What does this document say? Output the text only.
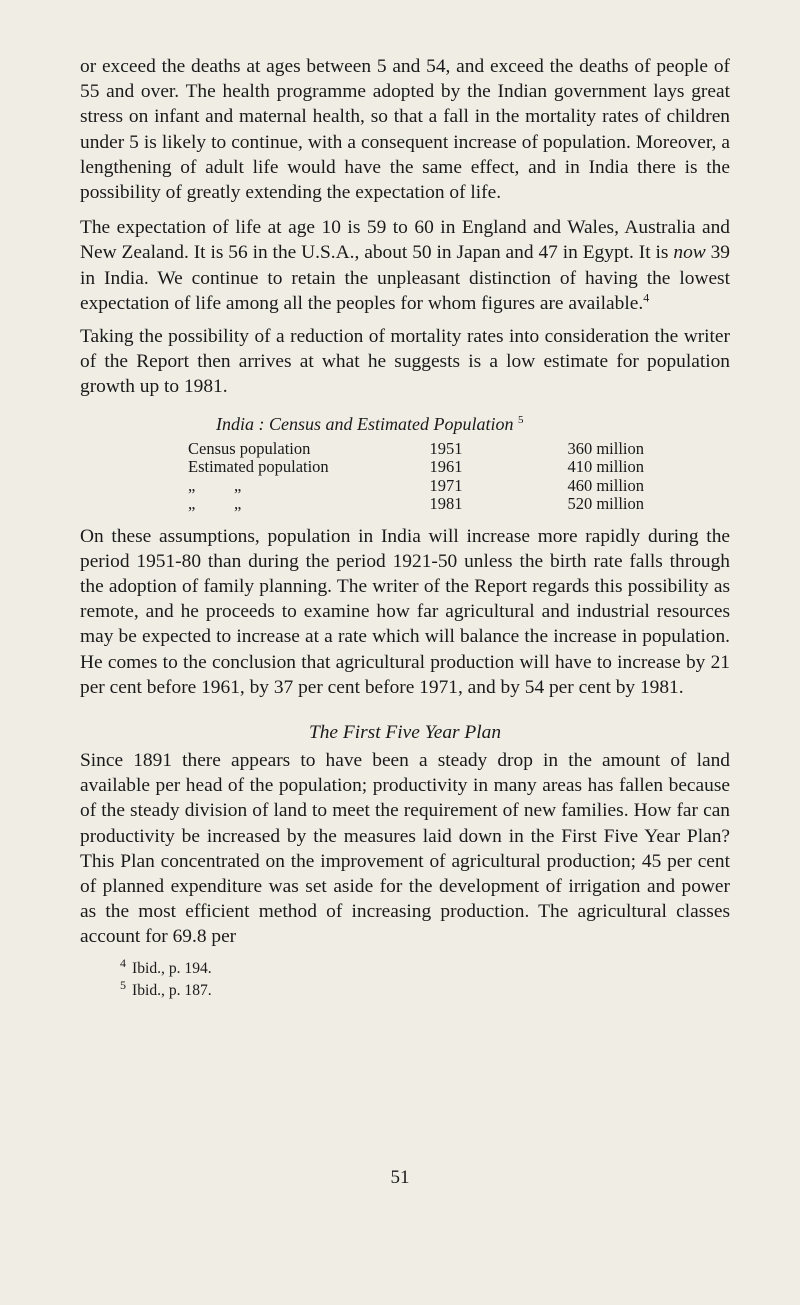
or exceed the deaths at ages between 5 and 54, and exceed the deaths of people of 55 and over. The health programme adopted by the Indian government lays great stress on infant and maternal health, so that a fall in the mortality rates of children under 5 is likely to continue, with a consequent increase of population. Moreover, a lengthening of adult life would have the same effect, and in India there is the possibility of greatly extending the expectation of life.

The expectation of life at age 10 is 59 to 60 in England and Wales, Australia and New Zealand. It is 56 in the U.S.A., about 50 in Japan and 47 in Egypt. It is now 39 in India. We continue to retain the unpleasant distinction of having the lowest expectation of life among all the peoples for whom figures are available.$^4$

Taking the possibility of a reduction of mortality rates into consideration the writer of the Report then arrives at what he suggests is a low estimate for population growth up to 1981.

India : Census and Estimated Population $^5$
Census population	1951	360 million
Estimated population	1961	410 million
„ „	1971	460 million
„ „	1981	520 million

On these assumptions, population in India will increase more rapidly during the period 1951-80 than during the period 1921-50 unless the birth rate falls through the adoption of family planning. The writer of the Report regards this possibility as remote, and he proceeds to examine how far agricultural and industrial resources may be expected to increase at a rate which will balance the increase in population. He comes to the conclusion that agricultural production will have to increase by 21 per cent before 1961, by 37 per cent before 1971, and by 54 per cent by 1981.

The First Five Year Plan

Since 1891 there appears to have been a steady drop in the amount of land available per head of the population; productivity in many areas has fallen because of the steady division of land to meet the requirement of new families. How far can productivity be increased by the measures laid down in the First Five Year Plan? This Plan concentrated on the improvement of agricultural production; 45 per cent of planned expenditure was set aside for the development of irrigation and power as the most efficient method of increasing production. The agricultural classes account for 69.8 per

$^4$ Ibid., p. 194.
$^5$ Ibid., p. 187.
51
